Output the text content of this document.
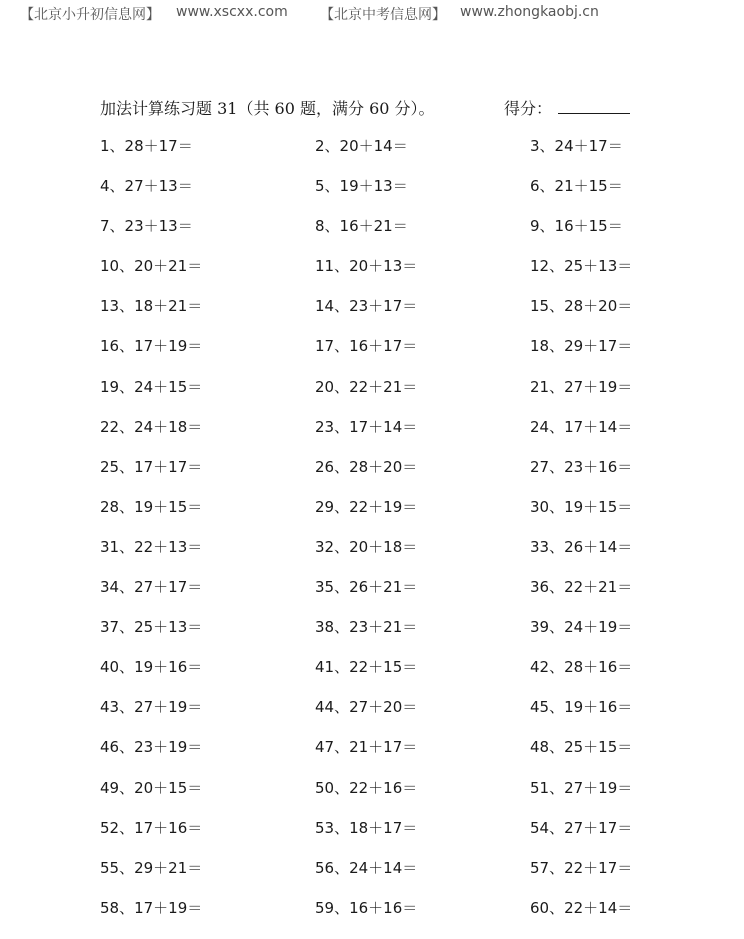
【北京小升初信息网】 www.xscxx.com 【北京中考信息网】 www.zhongkaobj.cn
加法计算练习题 31（共 60 题，满分 60 分）。	得分：
1、28＋17＝	2、20＋14＝	3、24＋17＝
4、27＋13＝	5、19＋13＝	6、21＋15＝
7、23＋13＝	8、16＋21＝	9、16＋15＝
10、20＋21＝	11、20＋13＝	12、25＋13＝
13、18＋21＝	14、23＋17＝	15、28＋20＝
16、17＋19＝	17、16＋17＝	18、29＋17＝
19、24＋15＝	20、22＋21＝	21、27＋19＝
22、24＋18＝	23、17＋14＝	24、17＋14＝
25、17＋17＝	26、28＋20＝	27、23＋16＝
28、19＋15＝	29、22＋19＝	30、19＋15＝
31、22＋13＝	32、20＋18＝	33、26＋14＝
34、27＋17＝	35、26＋21＝	36、22＋21＝
37、25＋13＝	38、23＋21＝	39、24＋19＝
40、19＋16＝	41、22＋15＝	42、28＋16＝
43、27＋19＝	44、27＋20＝	45、19＋16＝
46、23＋19＝	47、21＋17＝	48、25＋15＝
49、20＋15＝	50、22＋16＝	51、27＋19＝
52、17＋16＝	53、18＋17＝	54、27＋17＝
55、29＋21＝	56、24＋14＝	57、22＋17＝
58、17＋19＝	59、16＋16＝	60、22＋14＝
